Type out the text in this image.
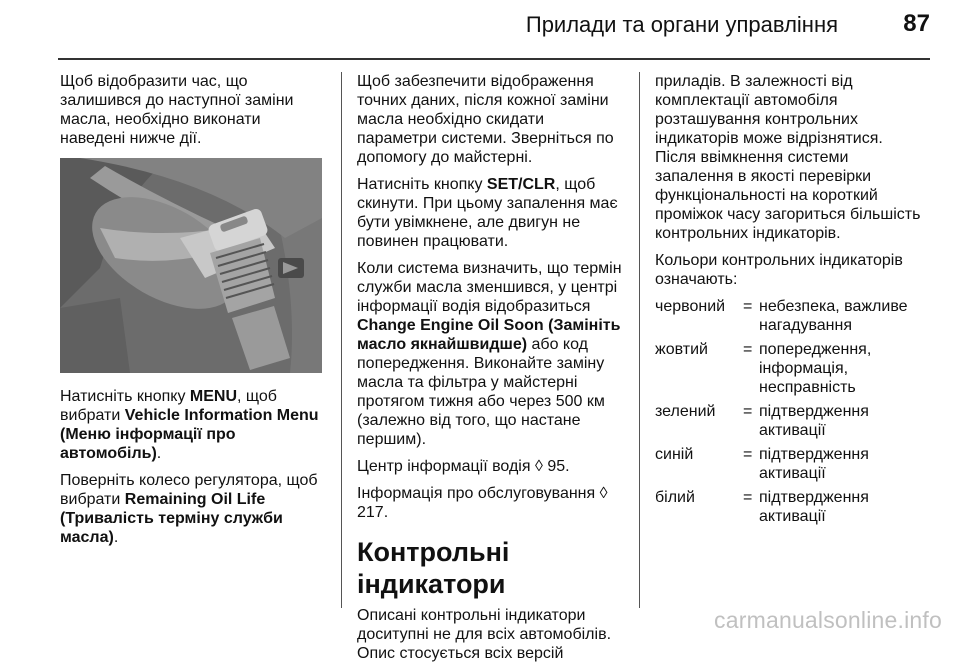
Прилади та органи управління	87

Щоб відобразити час, що залишився до наступної заміни масла, необхідно виконати наведені нижче дії.

Натисніть кнопку MENU, щоб вибрати Vehicle Information Menu (Меню інформації про автомобіль).

Поверніть колесо регулятора, щоб вибрати Remaining Oil Life (Тривалість терміну служби масла).

Щоб забезпечити відображення точних даних, після кожної заміни масла необхідно скидати параметри системи. Зверніться по допомогу до майстерні.

Натисніть кнопку SET/CLR, щоб скинути. При цьому запалення має бути увімкнене, але двигун не повинен працювати.

Коли система визначить, що термін служби масла зменшився, у центрі інформації водія відобразиться Change Engine Oil Soon (Замініть масло якнайшвидше) або код попередження. Виконайте заміну масла та фільтра у майстерні протягом тижня або через 500 км (залежно від того, що настане першим).

Центр інформації водія ◊ 95.

Інформація про обслуговування ◊ 217.

Контрольні індикатори

Описані контрольні індикатори доситупні не для всіх автомобілів. Опис стосується всіх версій

приладів. В залежності від комплектації автомобіля розташування контрольних індикаторів може відрізнятися. Після ввімкнення системи запалення в якості перевірки функціональності на короткий проміжок часу загориться більшість контрольних індикаторів.

Кольори контрольних індикаторів означають:

червоний	= небезпека, важливе нагадування
жовтий	= попередження, інформація, несправність
зелений	= підтвердження активації
синій	= підтвердження активації
білий	= підтвердження активації
carmanualsonline.info
